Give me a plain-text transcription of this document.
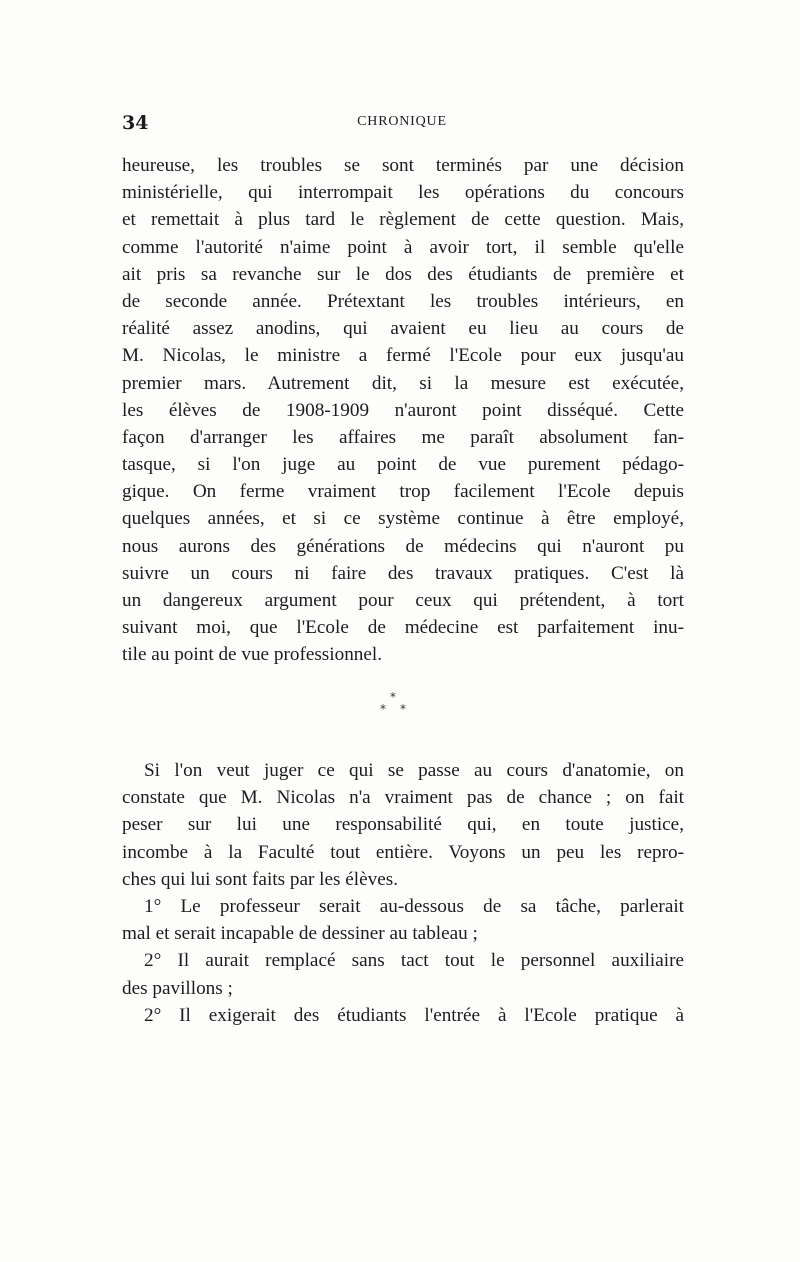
34	CHRONIQUE
heureuse, les troubles se sont terminés par une décision
ministérielle, qui interrompait les opérations du concours
et remettait à plus tard le règlement de cette question. Mais,
comme l'autorité n'aime point à avoir tort, il semble qu'elle
ait pris sa revanche sur le dos des étudiants de première et
de seconde année. Prétextant les troubles intérieurs, en
réalité assez anodins, qui avaient eu lieu au cours de
M. Nicolas, le ministre a fermé l'Ecole pour eux jusqu'au
premier mars. Autrement dit, si la mesure est exécutée,
les élèves de 1908-1909 n'auront point disséqué. Cette
façon d'arranger les affaires me paraît absolument fan-
tasque, si l'on juge au point de vue purement pédago-
gique. On ferme vraiment trop facilement l'Ecole depuis
quelques années, et si ce système continue à être employé,
nous aurons des générations de médecins qui n'auront pu
suivre un cours ni faire des travaux pratiques. C'est là
un dangereux argument pour ceux qui prétendent, à tort
suivant moi, que l'Ecole de médecine est parfaitement inu-
tile au point de vue professionnel.
*
* *
Si l'on veut juger ce qui se passe au cours d'anatomie, on
constate que M. Nicolas n'a vraiment pas de chance ; on fait
peser sur lui une responsabilité qui, en toute justice,
incombe à la Faculté tout entière. Voyons un peu les repro-
ches qui lui sont faits par les élèves.
1° Le professeur serait au-dessous de sa tâche, parlerait
mal et serait incapable de dessiner au tableau ;
2° Il aurait remplacé sans tact tout le personnel auxiliaire
des pavillons ;
2° Il exigerait des étudiants l'entrée à l'Ecole pratique à
